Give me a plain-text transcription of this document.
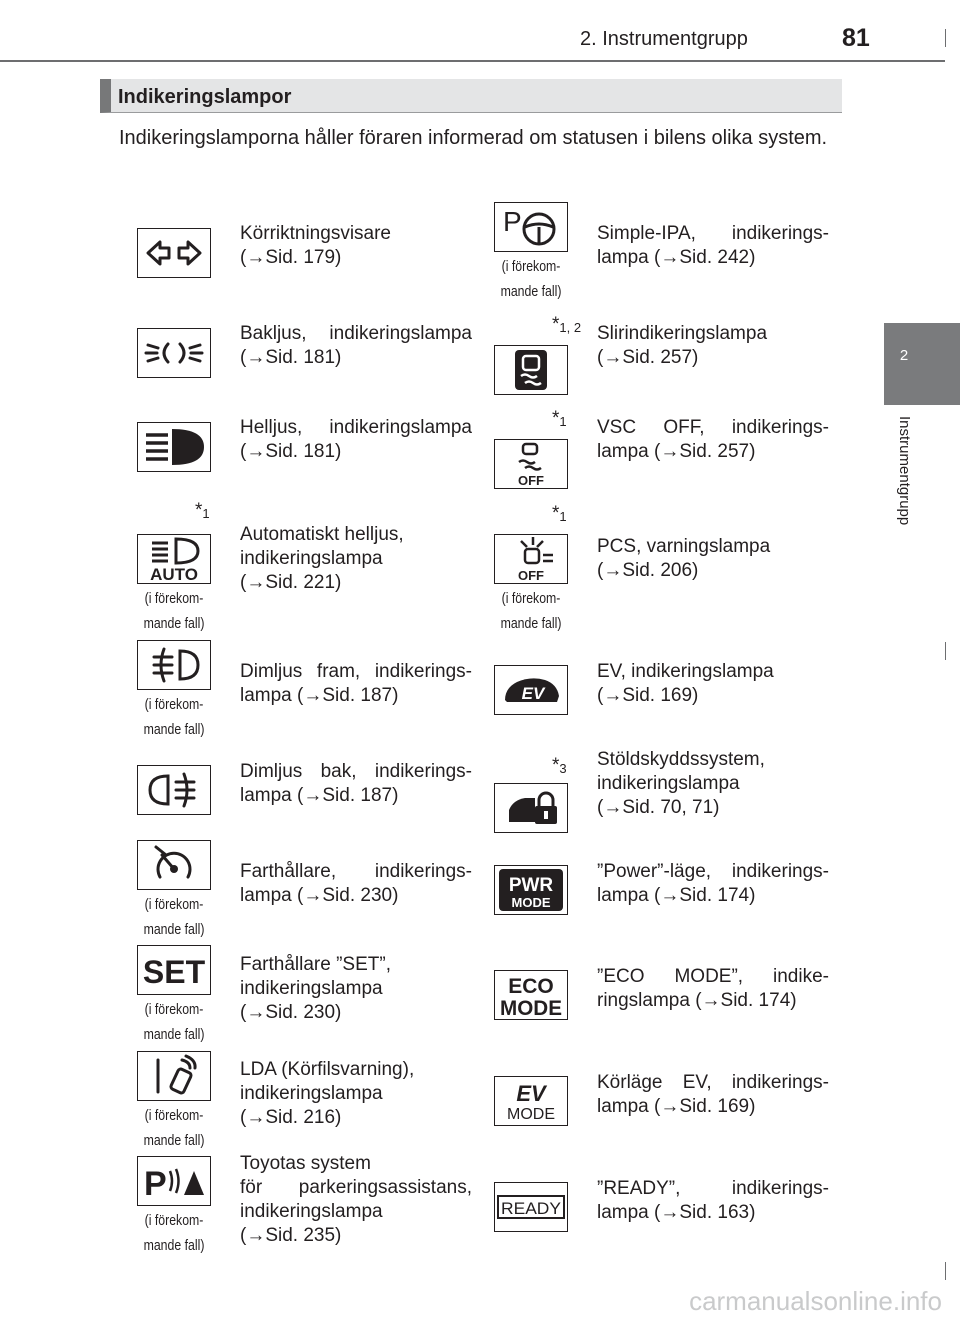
2. Instrumentgrupp	81
2
Instrumentgrupp
Indikeringslampor
Indikeringslamporna håller föraren informerad om statusen i bilens olika system.
Körriktningsvisare
(→Sid. 179)
Bakljus, indikeringslampa
(→Sid. 181)
Helljus, indikeringslampa
(→Sid. 181)
AUTO
(i förekom-
mande fall)
*$^1$
Automatiskt helljus,
indikeringslampa
(→Sid. 221)
(i förekom-
mande fall)
Dimljus fram, indikerings-
lampa (→Sid. 187)
Dimljus bak, indikerings-
lampa (→Sid. 187)
(i förekom-
mande fall)
Farthållare, indikerings-
lampa (→Sid. 230)
SET
(i förekom-
mande fall)
Farthållare ”SET”,
indikeringslampa
(→Sid. 230)
(i förekom-
mande fall)
LDA (Körfilsvarning),
indikeringslampa
(→Sid. 216)
P
(i förekom-
mande fall)
Toyotas system
för parkeringsassistans,
indikeringslampa
(→Sid. 235)
P
(i förekom-
mande fall)
Simple-IPA, indikerings-
lampa (→Sid. 242)
*$^{1, 2}$ Slirindikeringslampa
(→Sid. 257)
OFF
*$^1$ VSC OFF, indikerings-
lampa (→Sid. 257)
OFF
(i förekom-
mande fall)
*$^1$
PCS, varningslampa
(→Sid. 206)
EV
EV, indikeringslampa
(→Sid. 169)
*$^3$ Stöldskyddssystem,
indikeringslampa
(→Sid. 70, 71)
PWR
MODE
”Power”-läge, indikerings-
lampa (→Sid. 174)
ECO
MODE
”ECO MODE”, indike-
ringslampa (→Sid. 174)
EV
MODE
Körläge EV, indikerings-
lampa (→Sid. 169)
READY
”READY”, indikerings-
lampa (→Sid. 163)
carmanualsonline.info
